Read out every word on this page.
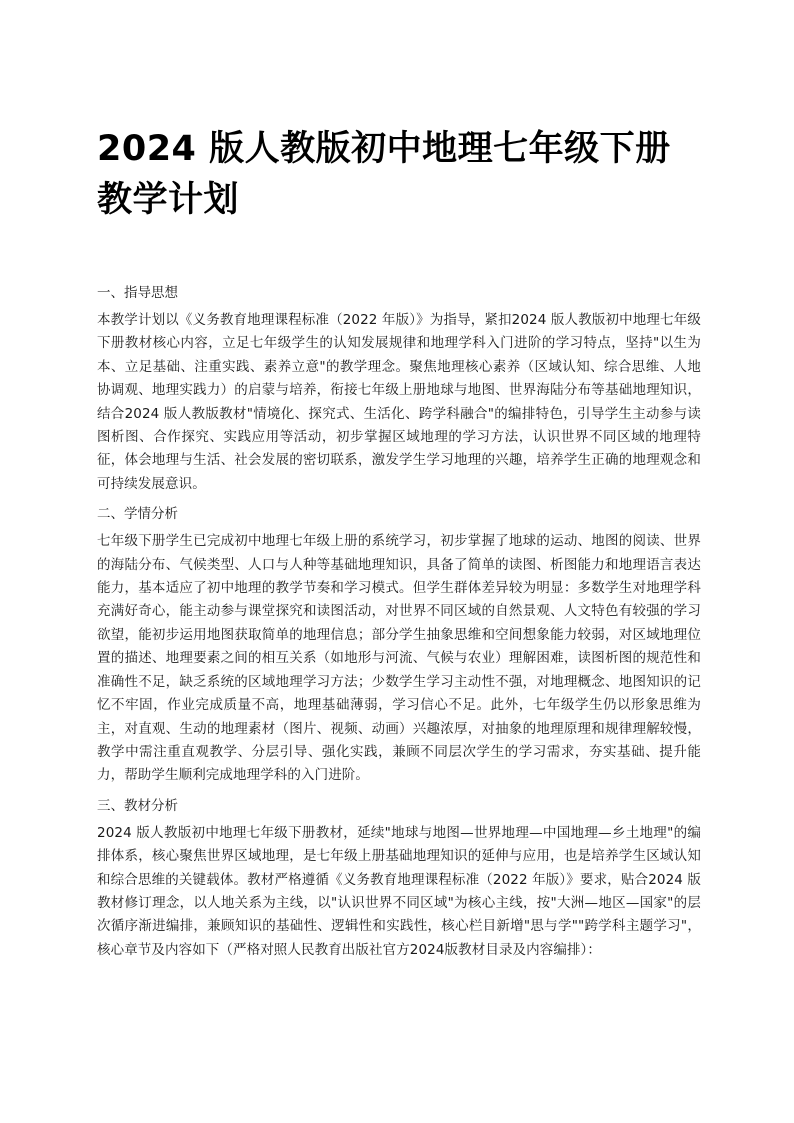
2024 版人教版初中地理七年级下册教学计划

一、指导思想

本教学计划以《义务教育地理课程标准（2022 年版）》为指导，紧扣2024 版人教版初中地理七年级下册教材核心内容，立足七年级学生的认知发展规律和地理学科入门进阶的学习特点，坚持"以生为本、立足基础、注重实践、素养立意"的教学理念。聚焦地理核心素养（区域认知、综合思维、人地协调观、地理实践力）的启蒙与培养，衔接七年级上册地球与地图、世界海陆分布等基础地理知识，结合2024 版人教版教材"情境化、探究式、生活化、跨学科融合"的编排特色，引导学生主动参与读图析图、合作探究、实践应用等活动，初步掌握区域地理的学习方法，认识世界不同区域的地理特征，体会地理与生活、社会发展的密切联系，激发学生学习地理的兴趣，培养学生正确的地理观念和可持续发展意识。

二、学情分析

七年级下册学生已完成初中地理七年级上册的系统学习，初步掌握了地球的运动、地图的阅读、世界的海陆分布、气候类型、人口与人种等基础地理知识，具备了简单的读图、析图能力和地理语言表达能力，基本适应了初中地理的教学节奏和学习模式。但学生群体差异较为明显：多数学生对地理学科充满好奇心，能主动参与课堂探究和读图活动，对世界不同区域的自然景观、人文特色有较强的学习欲望，能初步运用地图获取简单的地理信息；部分学生抽象思维和空间想象能力较弱，对区域地理位置的描述、地理要素之间的相互关系（如地形与河流、气候与农业）理解困难，读图析图的规范性和准确性不足，缺乏系统的区域地理学习方法；少数学生学习主动性不强，对地理概念、地图知识的记忆不牢固，作业完成质量不高，地理基础薄弱，学习信心不足。此外，七年级学生仍以形象思维为主，对直观、生动的地理素材（图片、视频、动画）兴趣浓厚，对抽象的地理原理和规律理解较慢，教学中需注重直观教学、分层引导、强化实践，兼顾不同层次学生的学习需求，夯实基础、提升能力，帮助学生顺利完成地理学科的入门进阶。

三、教材分析

2024 版人教版初中地理七年级下册教材，延续"地球与地图—世界地理—中国地理—乡土地理"的编排体系，核心聚焦世界区域地理，是七年级上册基础地理知识的延伸与应用，也是培养学生区域认知和综合思维的关键载体。教材严格遵循《义务教育地理课程标准（2022 年版）》要求，贴合2024 版教材修订理念，以人地关系为主线，以"认识世界不同区域"为核心主线，按"大洲—地区—国家"的层次循序渐进编排，兼顾知识的基础性、逻辑性和实践性，核心栏目新增"思与学""跨学科主题学习"，核心章节及内容如下（严格对照人民教育出版社官方2024版教材目录及内容编排）：
